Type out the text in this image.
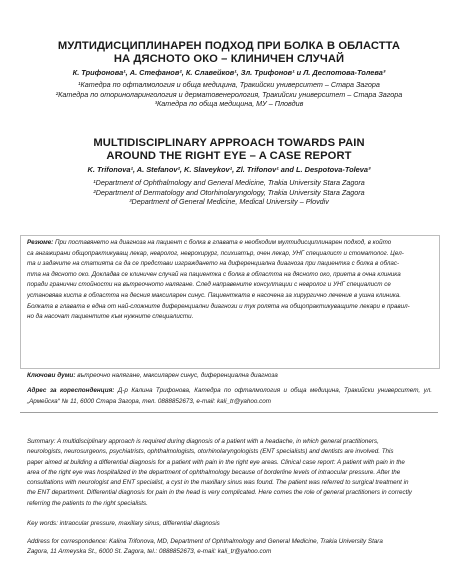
МУЛТИДИСЦИПЛИНАРЕН ПОДХОД ПРИ БОЛКА В ОБЛАСТТА
НА ДЯСНОТО ОКО – КЛИНИЧЕН СЛУЧАЙ
К. Трифонова¹, А. Стефанов², К. Славейков¹, Зл. Трифонов¹ и Л. Деспотова-Толева³
¹Катедра по офталмология и обща медицина, Тракийски университет – Стара Загора
²Катедра по оториноларингология и дерматовенерология, Тракийски университет – Стара Загора
³Катедра по обща медицина, МУ – Пловдив
MULTIDISCIPLINARY APPROACH TOWARDS PAIN
AROUND THE RIGHT EYE – A CASE REPORT
K. Trifonova¹, A. Stefanov², K. Slaveykov¹, Zl. Trifonov¹ and L. Despotova-Toleva³
¹Department of Ophthalmology and General Medicine, Trakia University Stara Zagora
²Department of Dermatology and Otorhinolaryngology, Trakia University Stara Zagora
³Department of General Medicine, Medical University – Plovdiv
Резюме: При поставянето на диагноза на пациент с болка в главата е необходим мултидисциплинарен подход, в който
са ангажирани общопрактикуващ лекар, невролог, неврохирург, психиатър, очен лекар, УНГ специалист и стоматолог. Цел-
та и задачите на статията са да се представи изграждането на диференциална диагноза при пациентка с болка в облас-
тта на дясното око. Докладва се клиничен случай на пациентка с болка в областта на дясното око, приета в очна клиника
поради гранични стойности на вътреочното налягане. След направените консултации с невролог и УНГ специалист се
установява киста в областта на десния максиларен синус. Пациентката е насочена за хирургично лечение в ушна клиника.
Болката в главата е една от най-сложните диференциални диагнози и тук ролята на общопрактикуващите лекари е правил-
но да насочат пациентите към нужните специалисти.
Ключови думи: вътреочно налягане, максиларен синус, диференциална диагноза
Адрес за кореспонденция: Д-р Калина Трифонова, Катедра по офталмология и обща медицина, Тракийски университет, ул. „Армейска“ № 11, 6000 Стара Загора, тел. 0888852673, e-mail: kali_tr@yahoo.com
Summary: A multidisciplinary approach is required during diagnosis of a patient with a headache, in which general practitioners,
neurologists, neurosurgeons, psychiatrists, ophthalmologists, otorhinolaryngologists (ENT specialists) and dentists are involved. This
paper aimed at building a differential diagnosis for a patient with pain in the right eye areas. Clinical case report: A patient with pain in the
area of the right eye was hospitalized in the department of ophthalmology because of borderline levels of intraocular pressure. After the
consultations with neurologist and ENT specialist, a cyst in the maxillary sinus was found. The patient was referred to surgical treatment in
the ENT department. Differential diagnosis for pain in the head is very complicated. Here comes the role of general practitioners in correctly
referring the patients to the right specialists.
Key words: intraocular pressure, maxillary sinus, differential diagnosis
Address for correspondence: Kalina Trifonova, MD, Department of Ophthalmology and General Medicine, Trakia University Stara
Zagora, 11 Armeyska St., 6000 St. Zagora, tel.: 0888852673, e-mail: kali_tr@yahoo.com
